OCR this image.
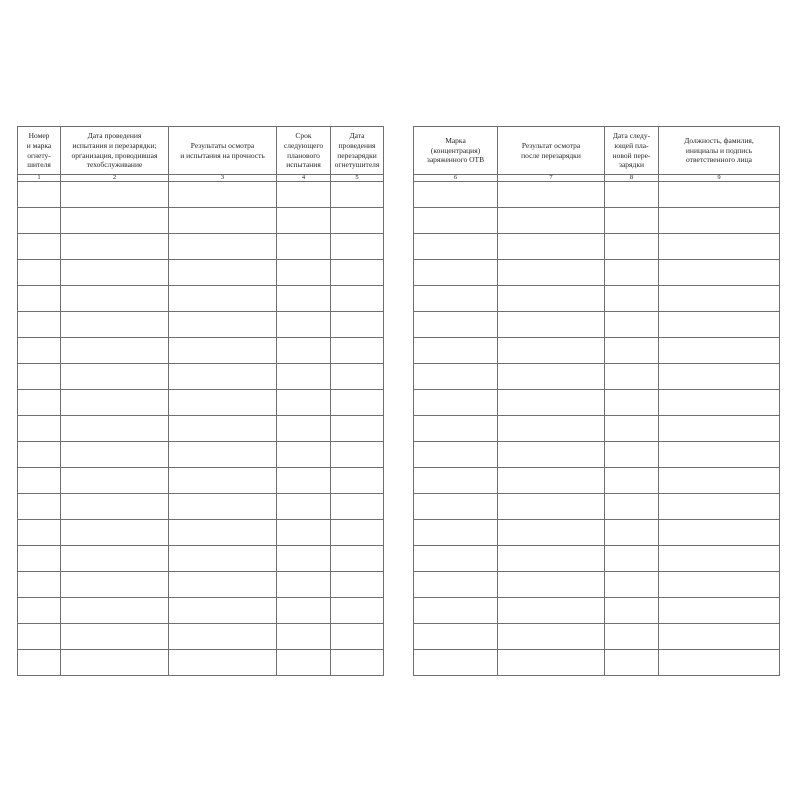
Номер
и марка
огнету-
шителя	Дата проведения
испытания и перезарядки;
организация, проводившая
техобслуживание	Результаты осмотра
и испытания на прочность	Срок
следующего
планового
испытания	Дата
проведения
перезарядки
огнетушителя
1	2	3	4	5

Марка
(концентрация)
заряженного ОТВ	Результат осмотра
после перезарядки	Дата следу-
ющей пла-
новой пере-
зарядки	Должность, фамилия,
инициалы и подпись
ответственного лица
6	7	8	9
